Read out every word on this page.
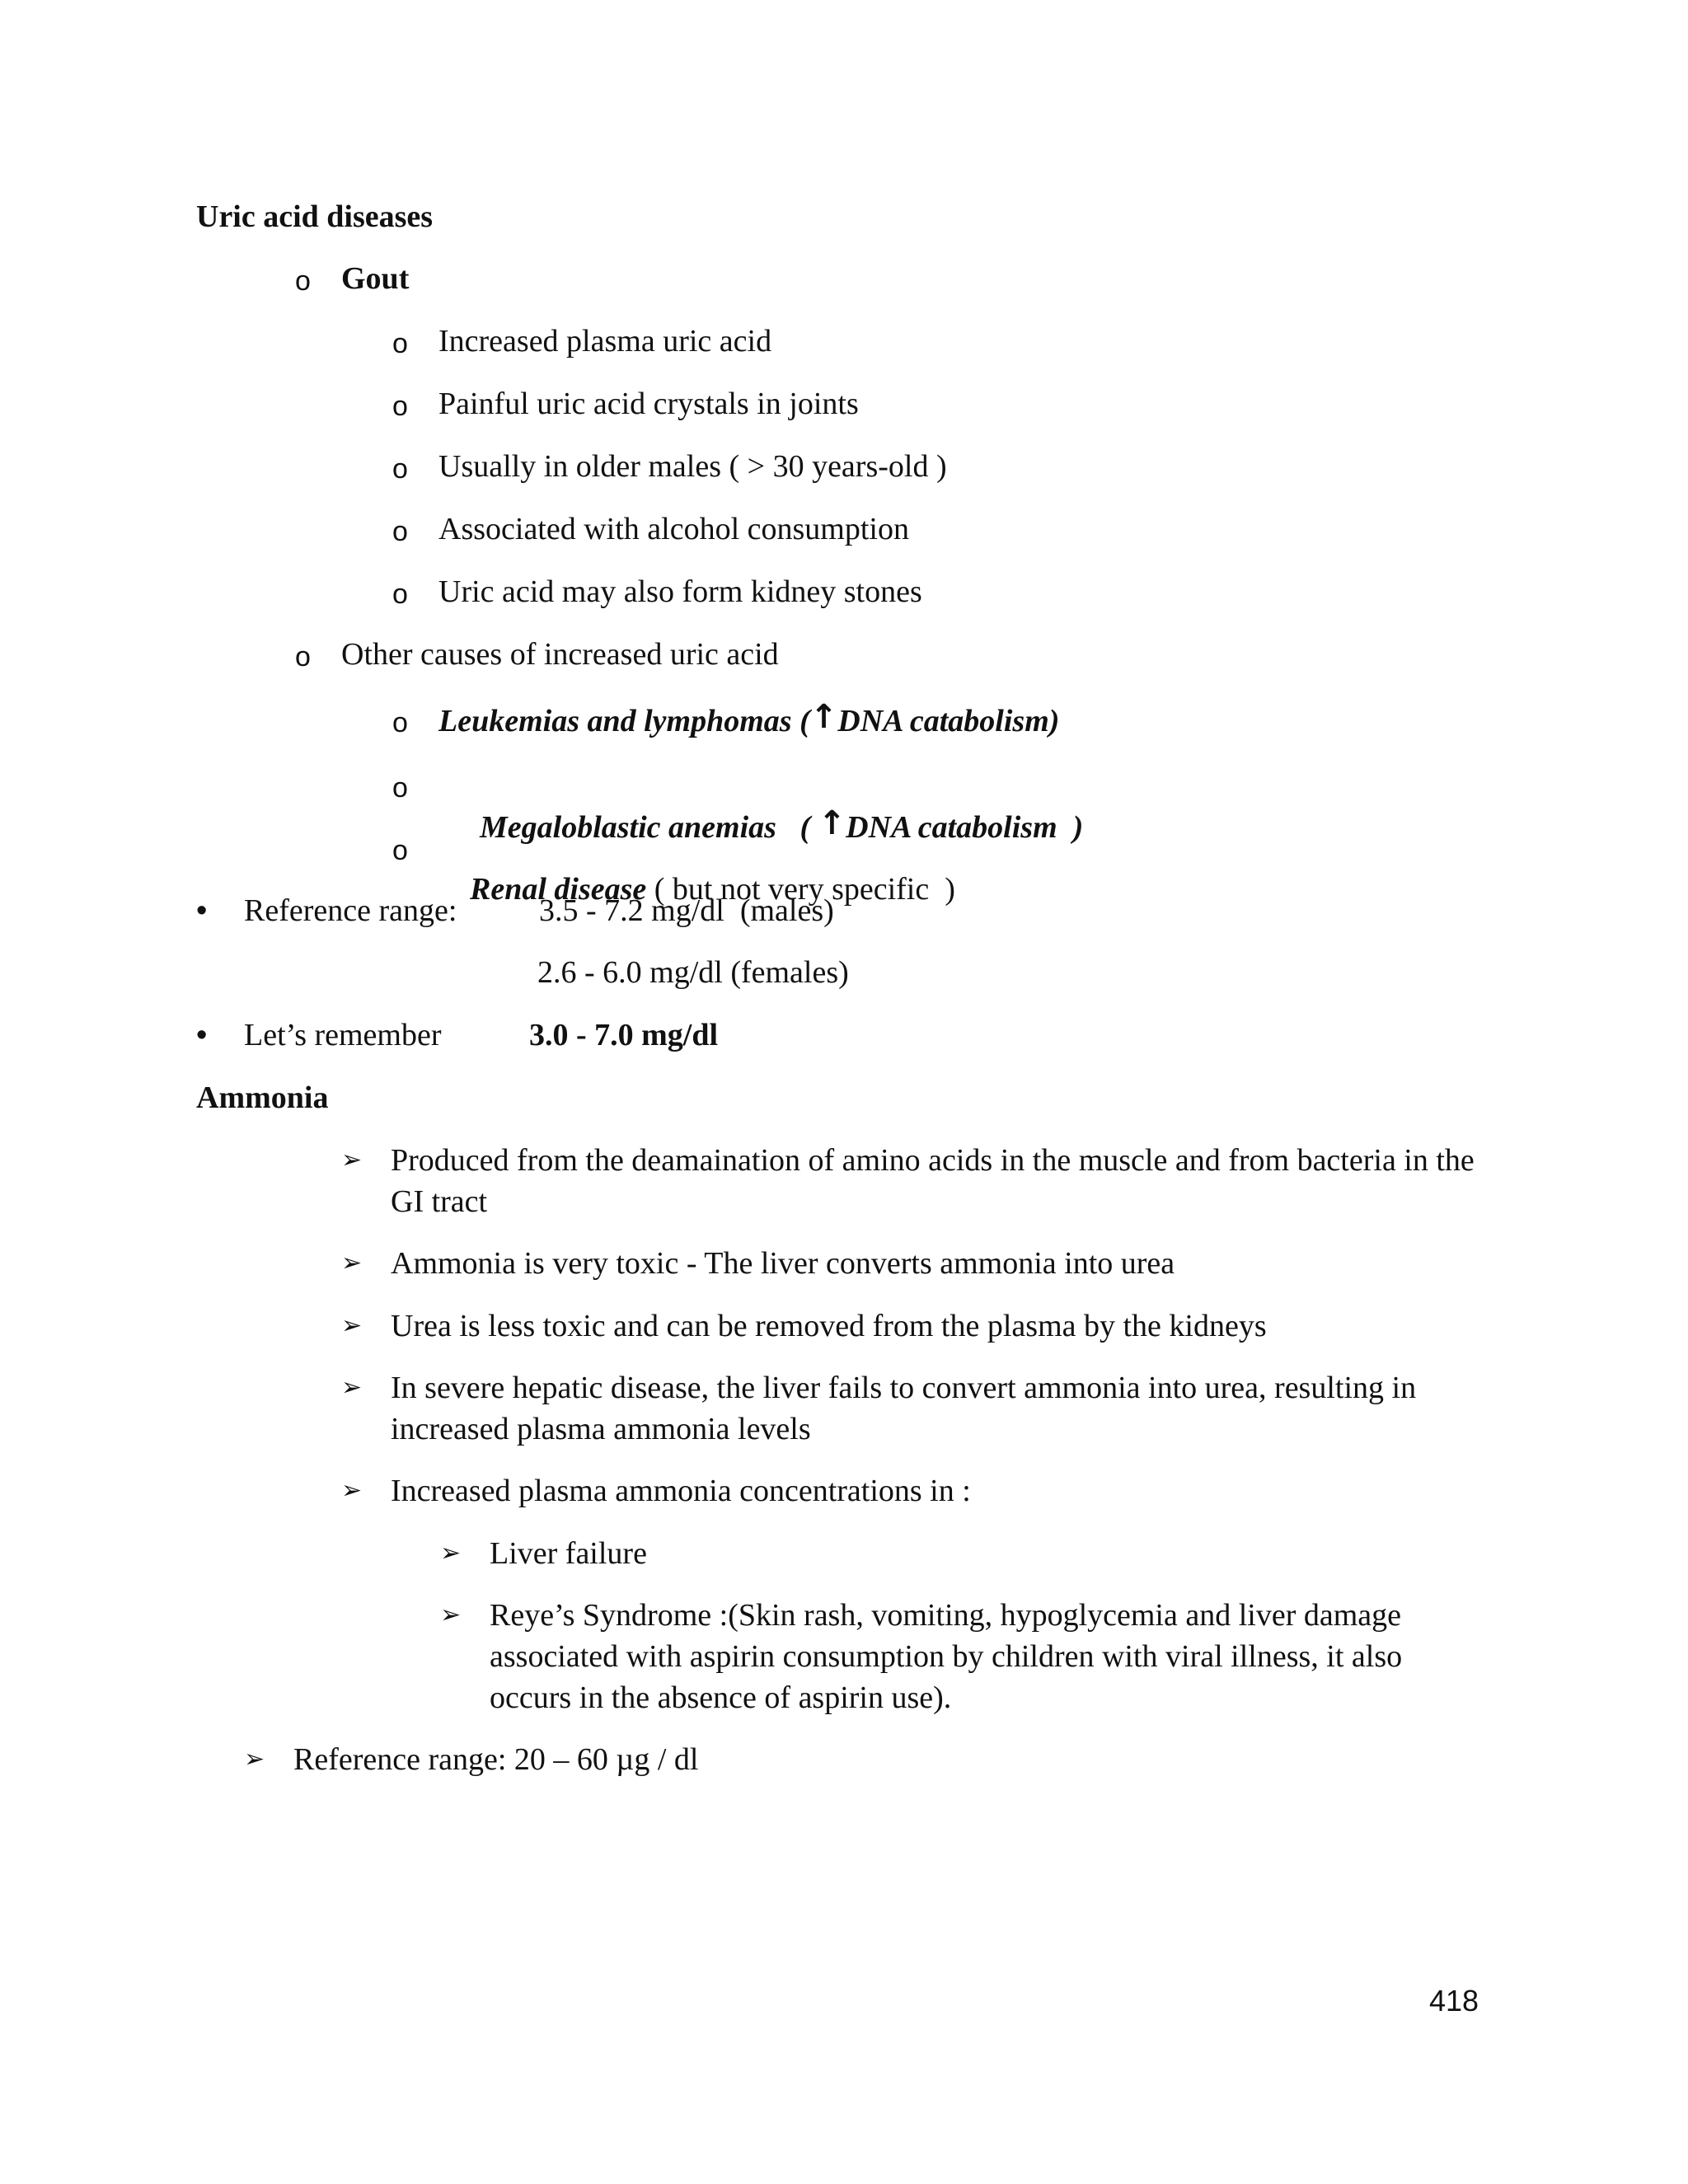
Uric acid diseases
o Gout
o Increased plasma uric acid
o Painful uric acid crystals in joints
o Usually in older males ( > 30 years-old )
o Associated with alcohol consumption
o Uric acid may also form kidney stones
o Other causes of increased uric acid
o Leukemias and lymphomas (↑DNA catabolism)
o

Megaloblastic anemias   ( ↑DNA catabolism  )

o

Renal disease ( but not very specific  )

• Reference range:	3.5 - 7.2 mg/dl  (males)
2.6 - 6.0 mg/dl (females)
• Let’s remember	3.0 - 7.0 mg/dl
Ammonia
➢ Produced from the deamaination of amino acids in the muscle and from bacteria in the GI tract
➢ Ammonia is very toxic - The liver converts ammonia into urea
➢ Urea is less toxic and can be removed from the plasma by the kidneys
➢ In severe hepatic disease, the liver fails to convert ammonia into urea, resulting in increased plasma ammonia levels
➢ Increased plasma ammonia concentrations in :
➢ Liver failure
➢ Reye’s Syndrome :(Skin rash, vomiting, hypoglycemia and liver damage associated with aspirin consumption by children with viral illness, it also occurs in the absence of aspirin use).
➢ Reference range: 20 – 60 µg / dl
418
